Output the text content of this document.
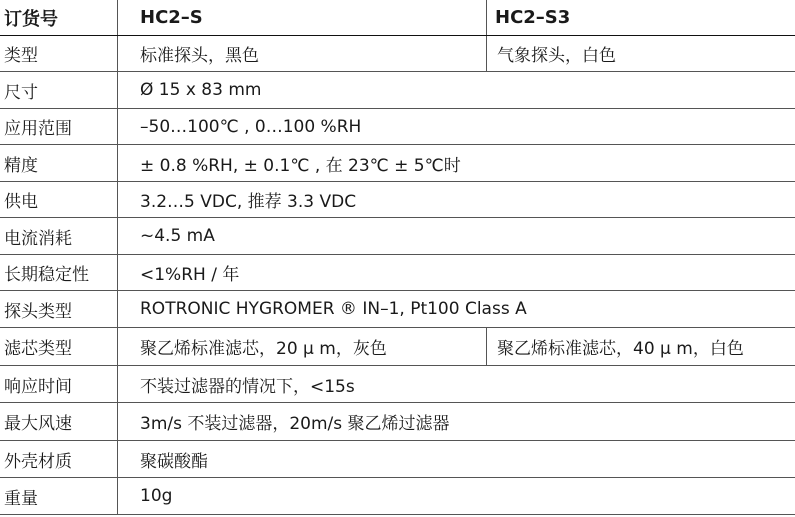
订货号	HC2–S	HC2–S3
类型	标准探头，黑色	气象探头，白色
尺寸	Ø 15 x 83 mm
应用范围	–50…100℃ , 0…100 %RH
精度	± 0.8 %RH, ± 0.1℃ , 在 23℃ ± 5℃时
供电	3.2…5 VDC, 推荐 3.3 VDC
电流消耗	~4.5 mA
长期稳定性	<1%RH / 年
探头类型	ROTRONIC HYGROMER ® IN–1, Pt100 Class A
滤芯类型	聚乙烯标准滤芯，20 μ m，灰色	聚乙烯标准滤芯，40 μ m，白色
响应时间	不装过滤器的情况下，<15s
最大风速	3m/s 不装过滤器，20m/s 聚乙烯过滤器
外壳材质	聚碳酸酯
重量	10g
